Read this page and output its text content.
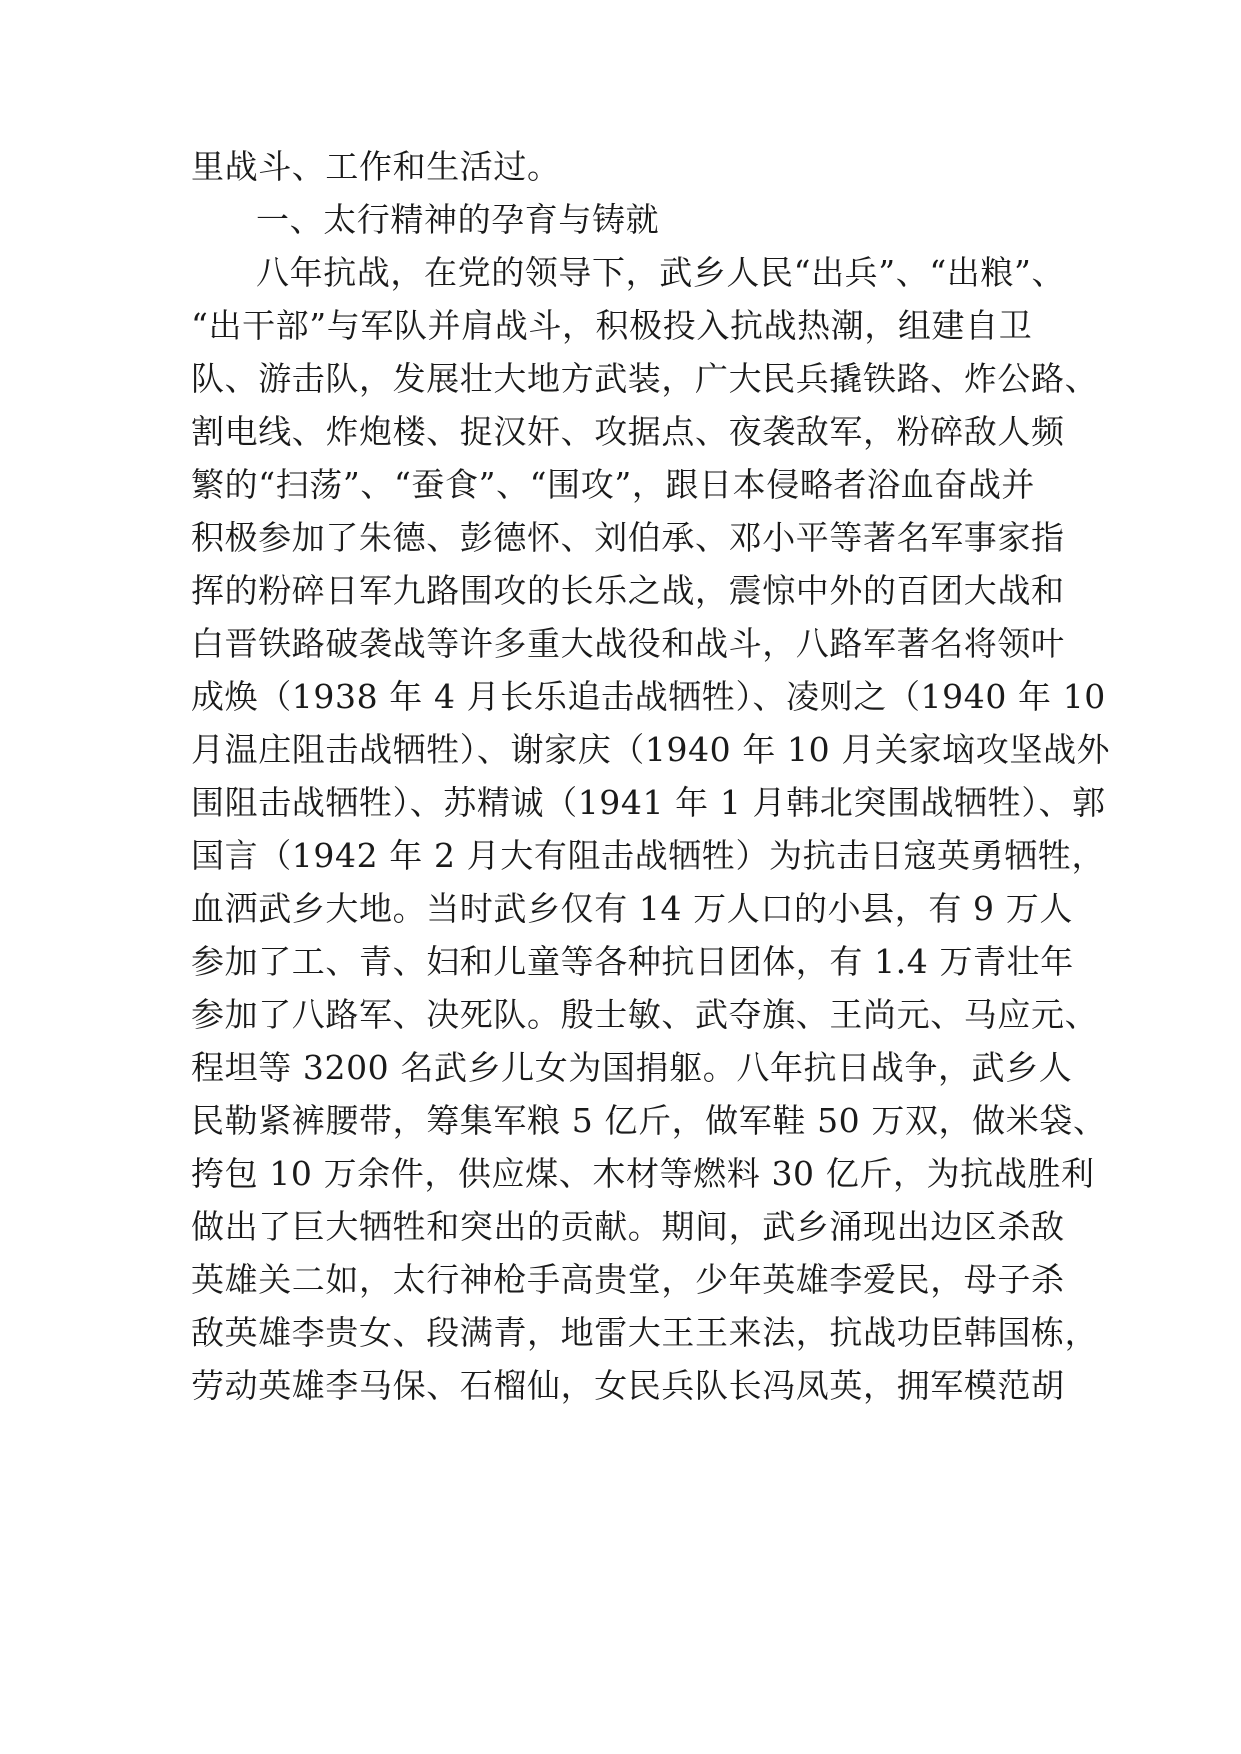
里战斗、工作和生活过。
一、太行精神的孕育与铸就
八年抗战，在党的领导下，武乡人民“出兵”、“出粮”、
“出干部”与军队并肩战斗，积极投入抗战热潮，组建自卫
队、游击队，发展壮大地方武装，广大民兵撬铁路、炸公路、
割电线、炸炮楼、捉汉奸、攻据点、夜袭敌军，粉碎敌人频
繁的“扫荡”、“蚕食”、“围攻”，跟日本侵略者浴血奋战并
积极参加了朱德、彭德怀、刘伯承、邓小平等著名军事家指
挥的粉碎日军九路围攻的长乐之战，震惊中外的百团大战和
白晋铁路破袭战等许多重大战役和战斗，八路军著名将领叶
成焕（1938 年 4 月长乐追击战牺牲）、凌则之（1940 年 10
月温庄阻击战牺牲）、谢家庆（1940 年 10 月关家垴攻坚战外
围阻击战牺牲）、苏精诚（1941 年 1 月韩北突围战牺牲）、郭
国言（1942 年 2 月大有阻击战牺牲）为抗击日寇英勇牺牲，
血洒武乡大地。当时武乡仅有 14 万人口的小县，有 9 万人
参加了工、青、妇和儿童等各种抗日团体，有 1.4 万青壮年
参加了八路军、决死队。殷士敏、武夺旗、王尚元、马应元、
程坦等 3200 名武乡儿女为国捐躯。八年抗日战争，武乡人
民勒紧裤腰带，筹集军粮 5 亿斤，做军鞋 50 万双，做米袋、
挎包 10 万余件，供应煤、木材等燃料 30 亿斤，为抗战胜利
做出了巨大牺牲和突出的贡献。期间，武乡涌现出边区杀敌
英雄关二如，太行神枪手高贵堂，少年英雄李爱民，母子杀
敌英雄李贵女、段满青，地雷大王王来法，抗战功臣韩国栋，
劳动英雄李马保、石榴仙，女民兵队长冯凤英，拥军模范胡
